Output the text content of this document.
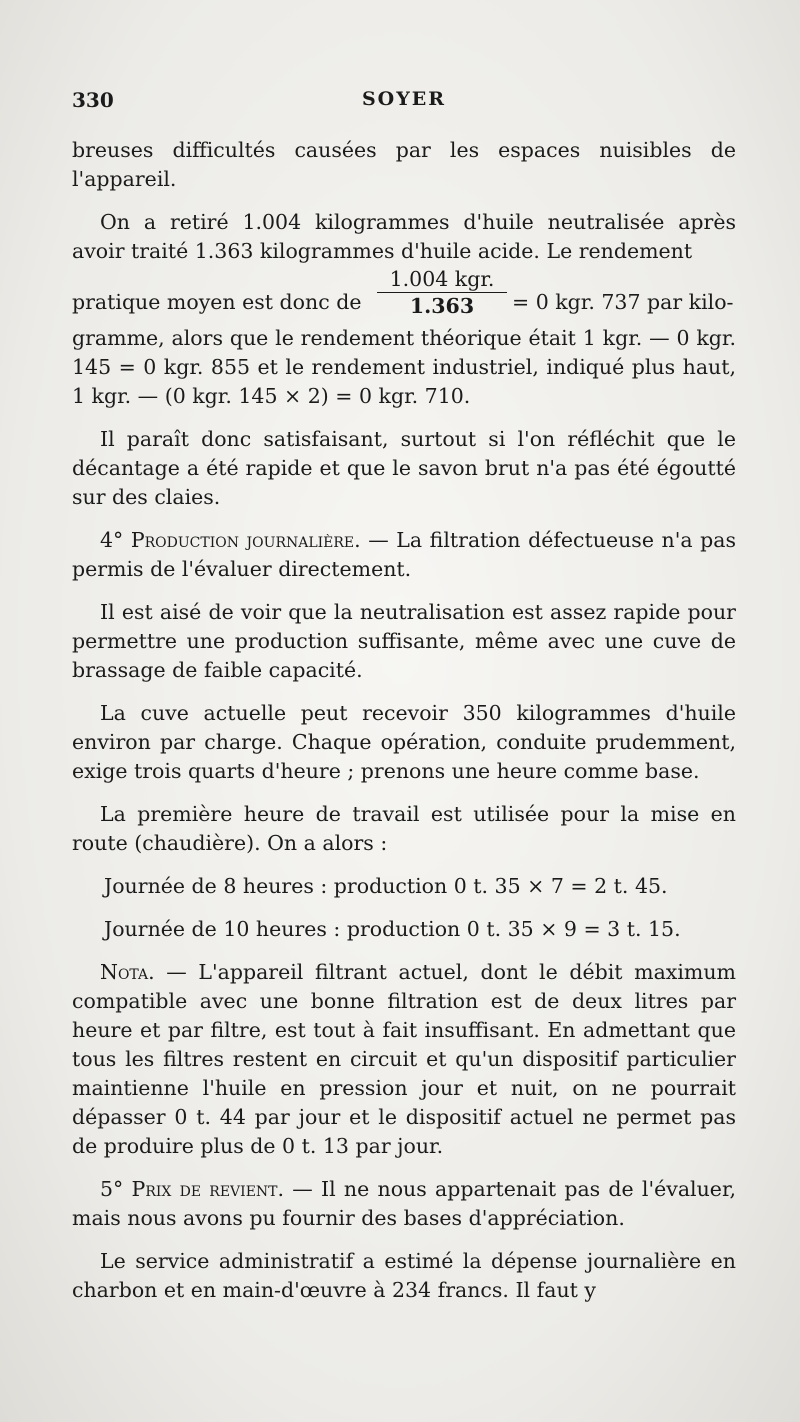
330	SOYER

breuses difficultés causées par les espaces nuisibles de l'appareil.

On a retiré 1.004 kilogrammes d'huile neutralisée après avoir traité 1.363 kilogrammes d'huile acide. Le rendement

pratique moyen est donc de
1.004 kgr.
1.363	= 0 kgr. 737 par kilo-

gramme, alors que le rendement théorique était 1 kgr. — 0 kgr. 145 = 0 kgr. 855 et le rendement industriel, indiqué plus haut, 1 kgr. — (0 kgr. 145 × 2) = 0 kgr. 710.

Il paraît donc satisfaisant, surtout si l'on réfléchit que le décantage a été rapide et que le savon brut n'a pas été égoutté sur des claies.

4° Production journalière. — La filtration défectueuse n'a pas permis de l'évaluer directement.

Il est aisé de voir que la neutralisation est assez rapide pour permettre une production suffisante, même avec une cuve de brassage de faible capacité.

La cuve actuelle peut recevoir 350 kilogrammes d'huile environ par charge. Chaque opération, conduite prudemment, exige trois quarts d'heure ; prenons une heure comme base.

La première heure de travail est utilisée pour la mise en route (chaudière). On a alors :

Journée de 8 heures : production 0 t. 35 × 7 = 2 t. 45.

Journée de 10 heures : production 0 t. 35 × 9 = 3 t. 15.

Nota. — L'appareil filtrant actuel, dont le débit maximum compatible avec une bonne filtration est de deux litres par heure et par filtre, est tout à fait insuffisant. En admettant que tous les filtres restent en circuit et qu'un dispositif particulier maintienne l'huile en pression jour et nuit, on ne pourrait dépasser 0 t. 44 par jour et le dispositif actuel ne permet pas de produire plus de 0 t. 13 par jour.

5° Prix de revient. — Il ne nous appartenait pas de l'évaluer, mais nous avons pu fournir des bases d'appréciation.

Le service administratif a estimé la dépense journalière en charbon et en main-d'œuvre à 234 francs. Il faut y
